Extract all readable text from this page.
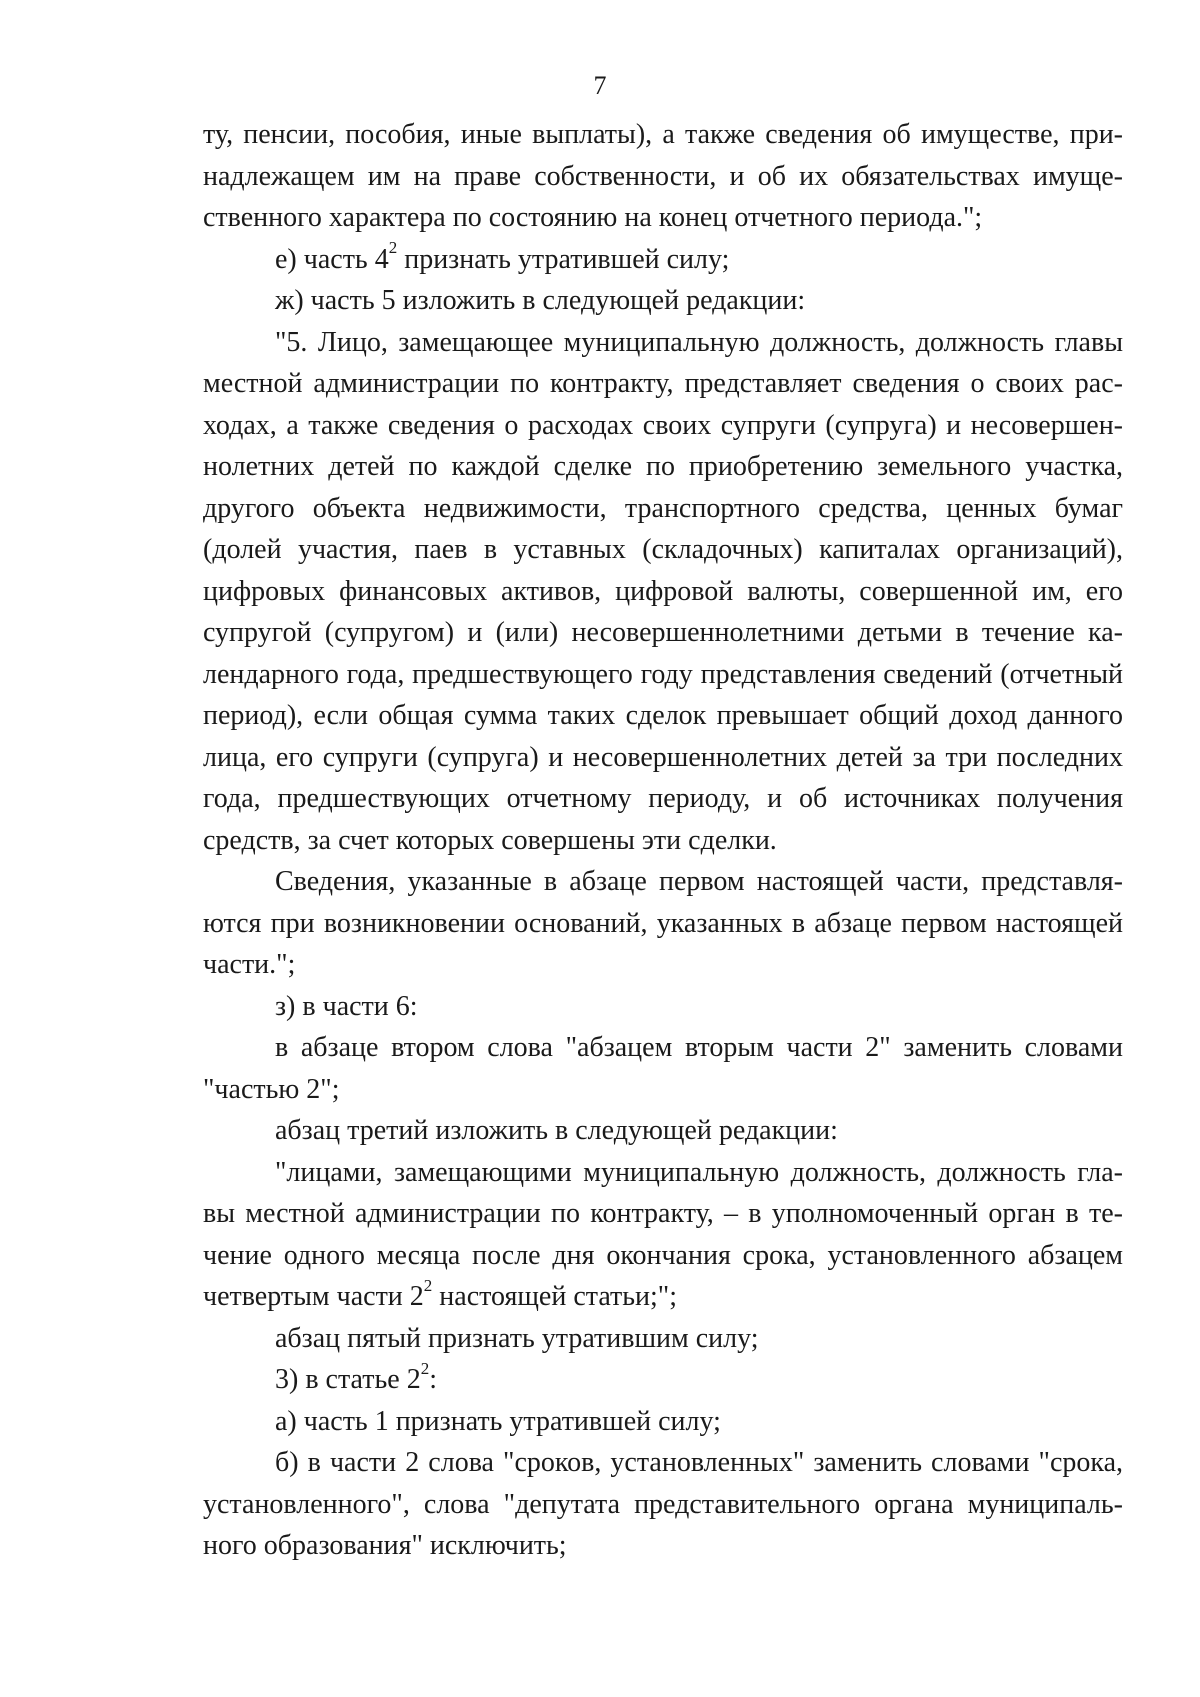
7

ту, пенсии, пособия, иные выплаты), а также сведения об имуществе, принадлежащем им на праве собственности, и об их обязательствах имущественного характера по состоянию на конец отчетного периода.";

е) часть $4^2$ признать утратившей силу;

ж) часть 5 изложить в следующей редакции:

"5. Лицо, замещающее муниципальную должность, должность главы местной администрации по контракту, представляет сведения о своих расходах, а также сведения о расходах своих супруги (супруга) и несовершеннолетних детей по каждой сделке по приобретению земельного участка, другого объекта недвижимости, транспортного средства, ценных бумаг (долей участия, паев в уставных (складочных) капиталах организаций), цифровых финансовых активов, цифровой валюты, совершенной им, его супругой (супругом) и (или) несовершеннолетними детьми в течение календарного года, предшествующего году представления сведений (отчетный период), если общая сумма таких сделок превышает общий доход данного лица, его супруги (супруга) и несовершеннолетних детей за три последних года, предшествующих отчетному периоду, и об источниках получения средств, за счет которых совершены эти сделки.

Сведения, указанные в абзаце первом настоящей части, представляются при возникновении оснований, указанных в абзаце первом настоящей части.";

з) в части 6:

в абзаце втором слова "абзацем вторым части 2" заменить словами "частью 2";

абзац третий изложить в следующей редакции:

"лицами, замещающими муниципальную должность, должность главы местной администрации по контракту, – в уполномоченный орган в течение одного месяца после дня окончания срока, установленного абзацем четвертым части $2^2$ настоящей статьи;";

абзац пятый признать утратившим силу;

3) в статье $2^2$:

а) часть 1 признать утратившей силу;

б) в части 2 слова "сроков, установленных" заменить словами "срока, установленного", слова "депутата представительного органа муниципального образования" исключить;
